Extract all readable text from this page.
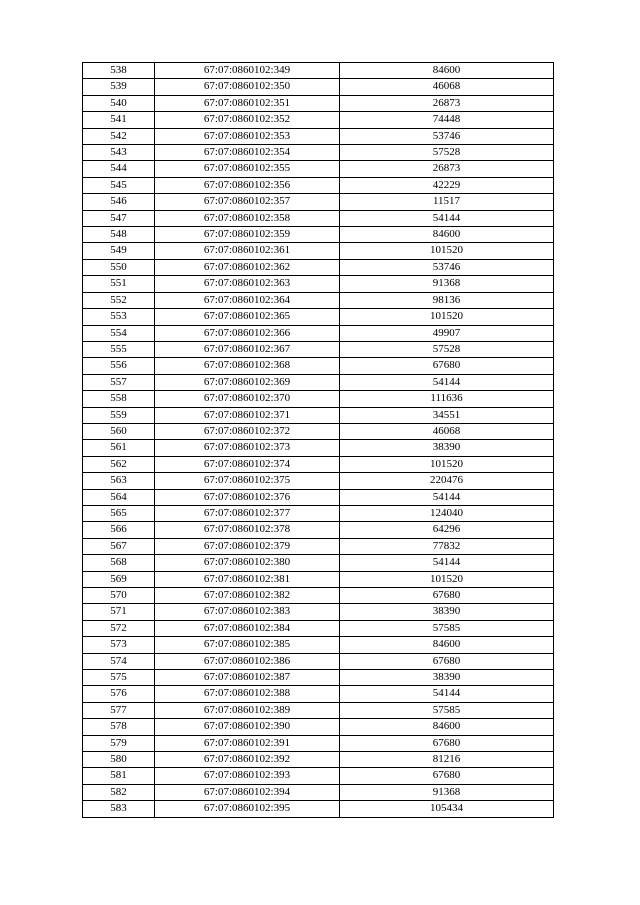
538	67:07:0860102:349	84600
539	67:07:0860102:350	46068
540	67:07:0860102:351	26873
541	67:07:0860102:352	74448
542	67:07:0860102:353	53746
543	67:07:0860102:354	57528
544	67:07:0860102:355	26873
545	67:07:0860102:356	42229
546	67:07:0860102:357	11517
547	67:07:0860102:358	54144
548	67:07:0860102:359	84600
549	67:07:0860102:361	101520
550	67:07:0860102:362	53746
551	67:07:0860102:363	91368
552	67:07:0860102:364	98136
553	67:07:0860102:365	101520
554	67:07:0860102:366	49907
555	67:07:0860102:367	57528
556	67:07:0860102:368	67680
557	67:07:0860102:369	54144
558	67:07:0860102:370	111636
559	67:07:0860102:371	34551
560	67:07:0860102:372	46068
561	67:07:0860102:373	38390
562	67:07:0860102:374	101520
563	67:07:0860102:375	220476
564	67:07:0860102:376	54144
565	67:07:0860102:377	124040
566	67:07:0860102:378	64296
567	67:07:0860102:379	77832
568	67:07:0860102:380	54144
569	67:07:0860102:381	101520
570	67:07:0860102:382	67680
571	67:07:0860102:383	38390
572	67:07:0860102:384	57585
573	67:07:0860102:385	84600
574	67:07:0860102:386	67680
575	67:07:0860102:387	38390
576	67:07:0860102:388	54144
577	67:07:0860102:389	57585
578	67:07:0860102:390	84600
579	67:07:0860102:391	67680
580	67:07:0860102:392	81216
581	67:07:0860102:393	67680
582	67:07:0860102:394	91368
583	67:07:0860102:395	105434
